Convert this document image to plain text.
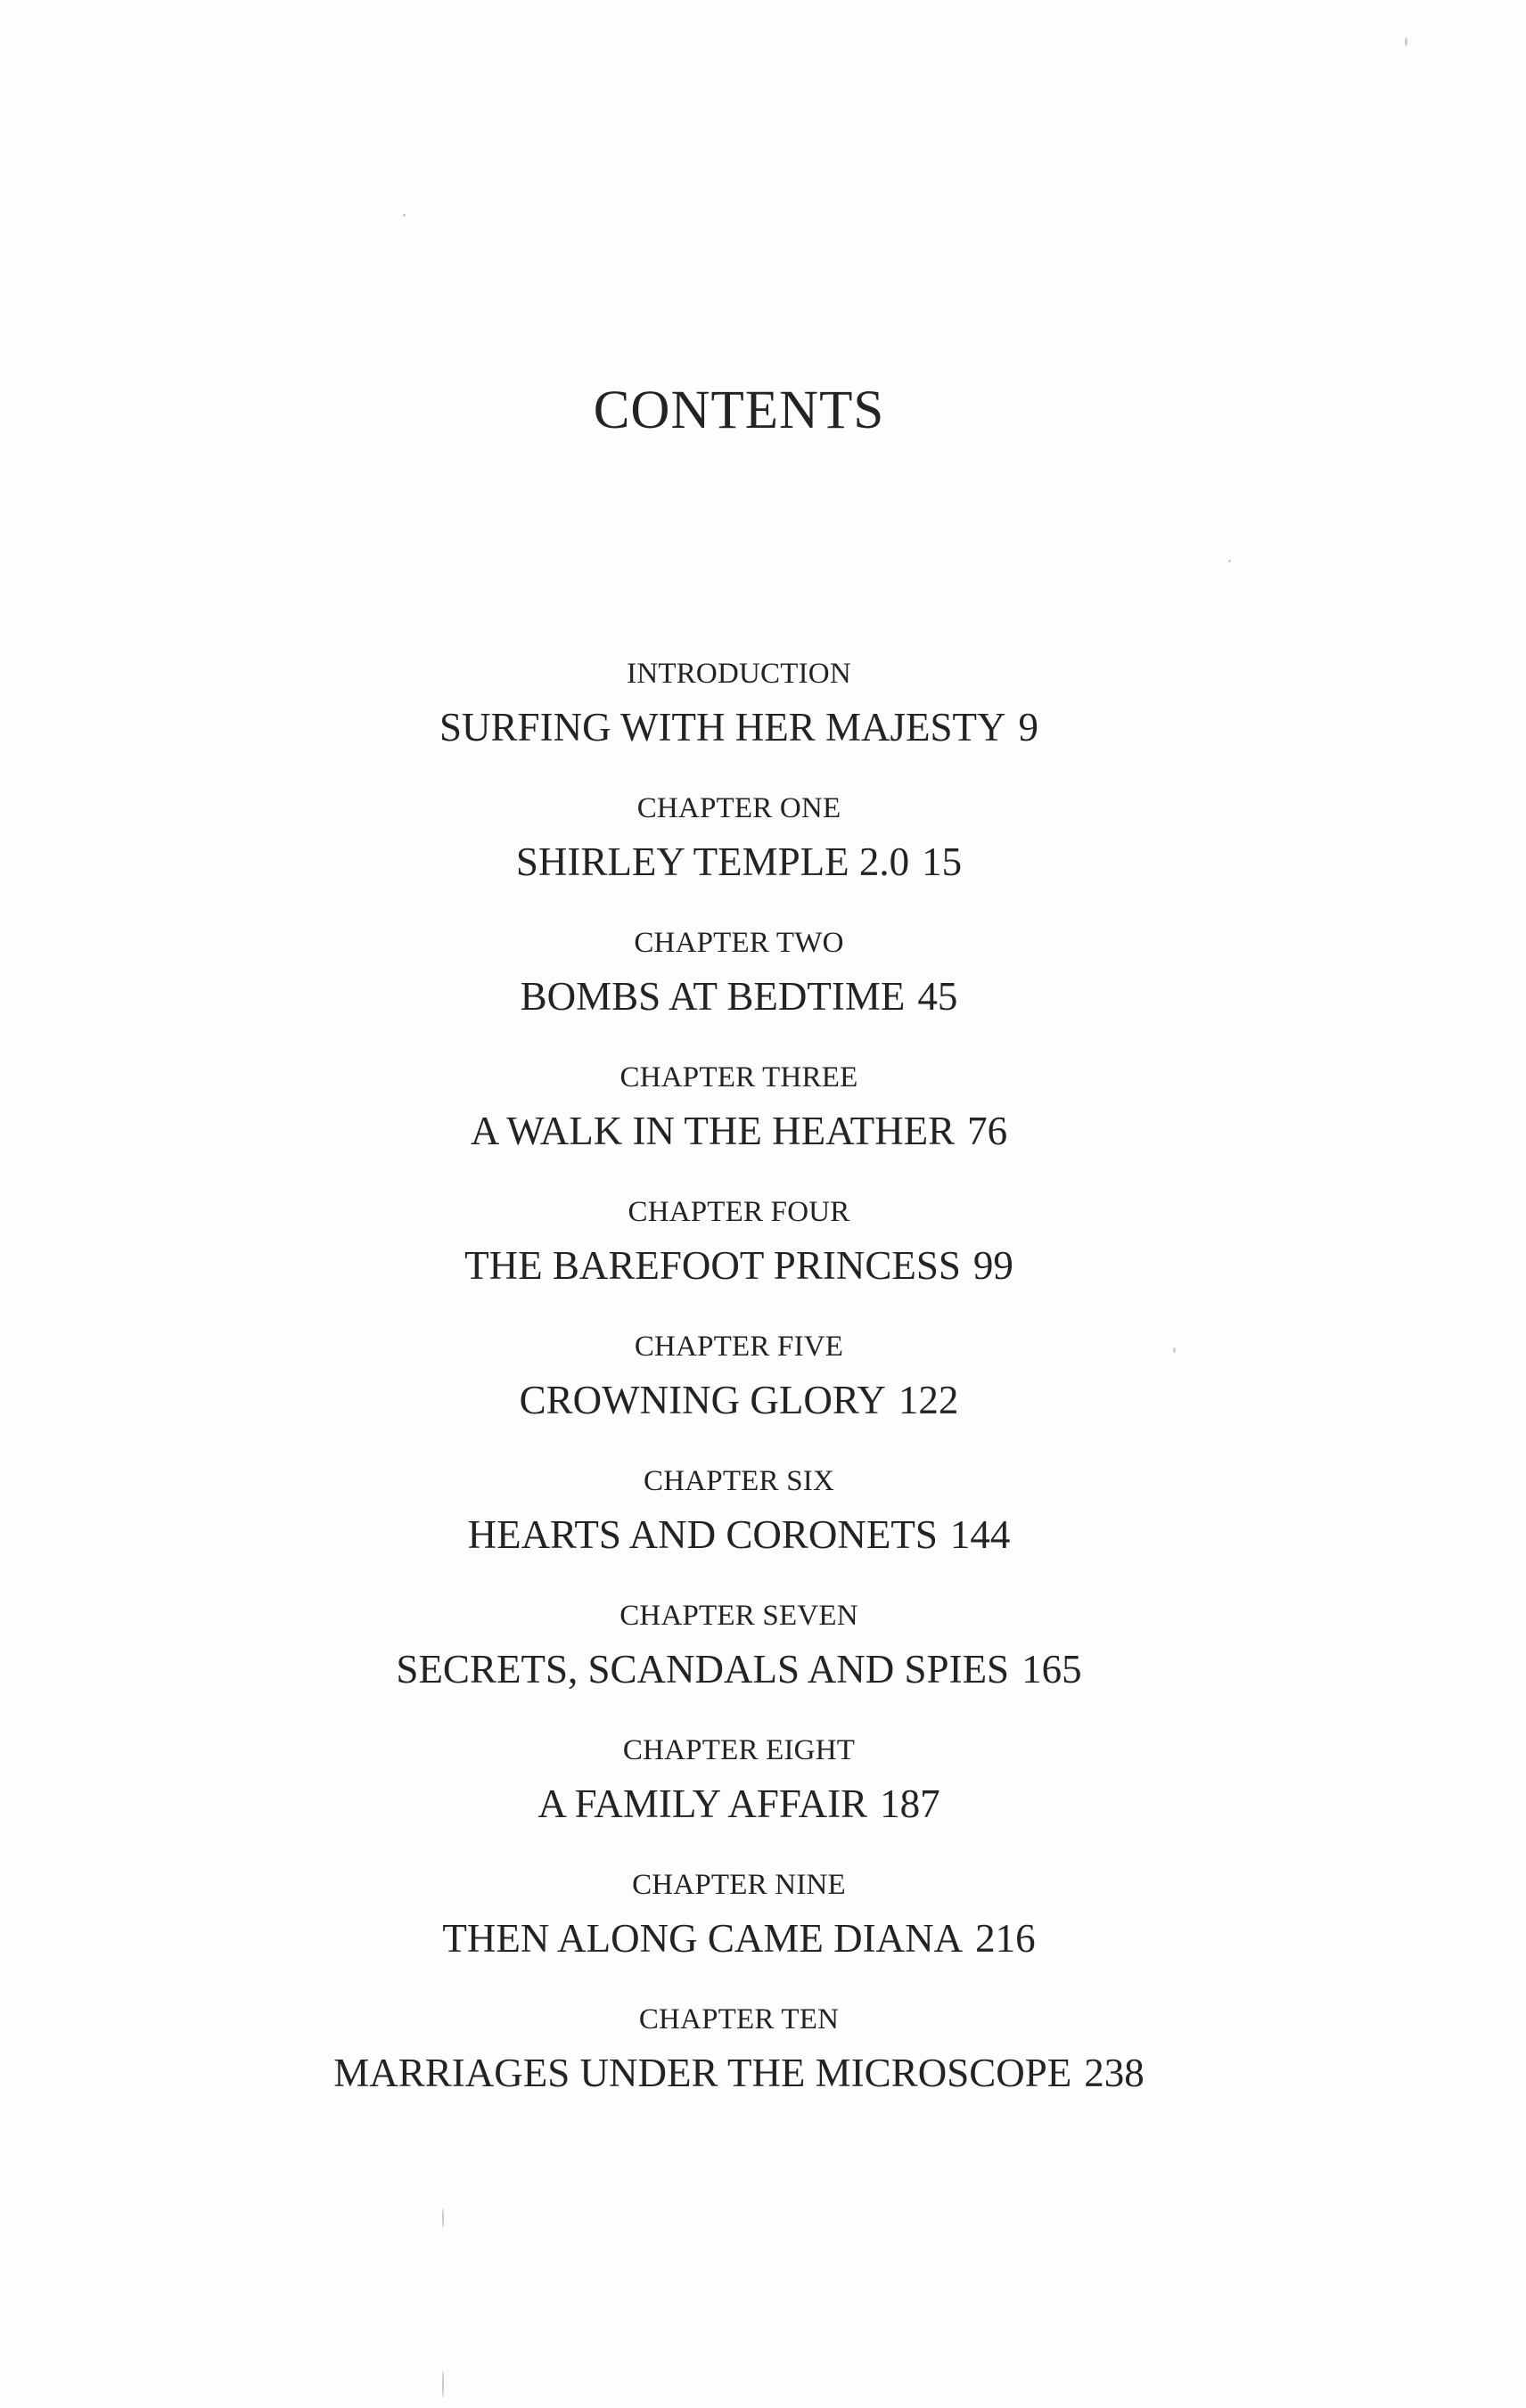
CONTENTS
INTRODUCTION
SURFING WITH HER MAJESTY 9
CHAPTER ONE
SHIRLEY TEMPLE 2.0 15
CHAPTER TWO
BOMBS AT BEDTIME 45
CHAPTER THREE
A WALK IN THE HEATHER 76
CHAPTER FOUR
THE BAREFOOT PRINCESS 99
CHAPTER FIVE
CROWNING GLORY 122
CHAPTER SIX
HEARTS AND CORONETS 144
CHAPTER SEVEN
SECRETS, SCANDALS AND SPIES 165
CHAPTER EIGHT
A FAMILY AFFAIR 187
CHAPTER NINE
THEN ALONG CAME DIANA 216
CHAPTER TEN
MARRIAGES UNDER THE MICROSCOPE 238
